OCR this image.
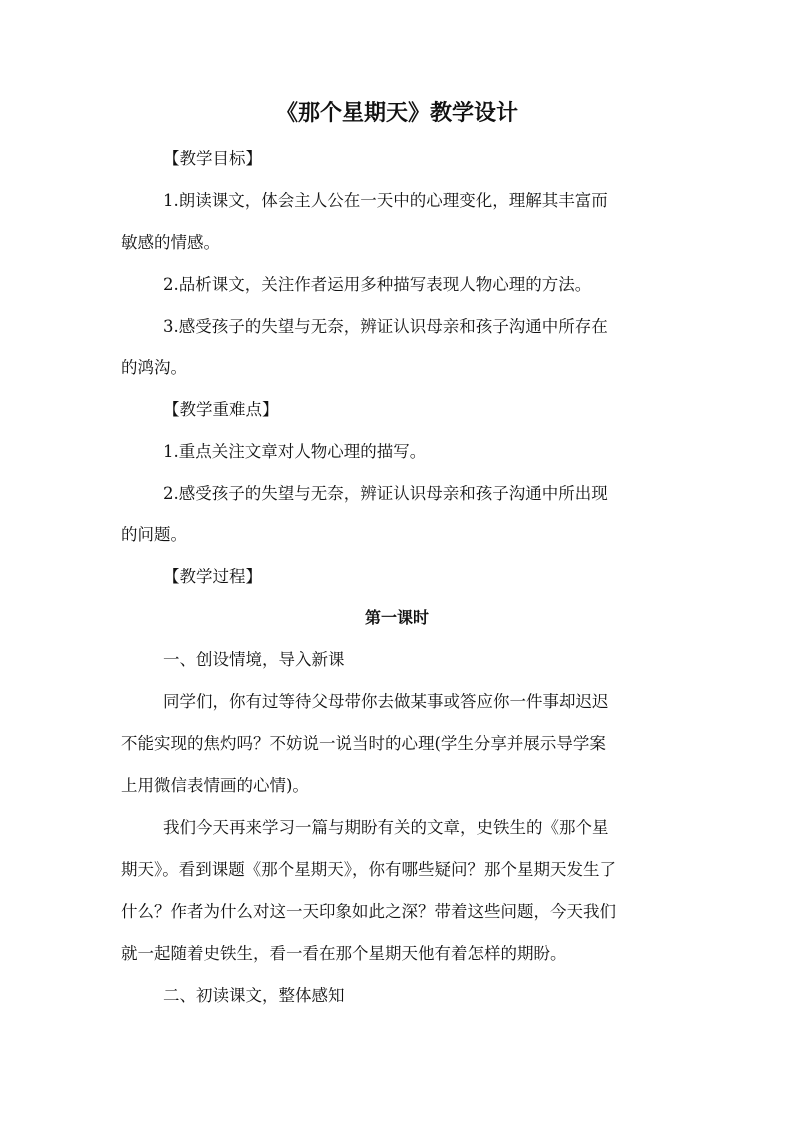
《那个星期天》教学设计
【教学目标】
1.朗读课文，体会主人公在一天中的心理变化，理解其丰富而
敏感的情感。
2.品析课文，关注作者运用多种描写表现人物心理的方法。
3.感受孩子的失望与无奈，辨证认识母亲和孩子沟通中所存在
的鸿沟。
【教学重难点】
1.重点关注文章对人物心理的描写。
2.感受孩子的失望与无奈，辨证认识母亲和孩子沟通中所出现
的问题。
【教学过程】
第一课时
一、创设情境，导入新课
同学们，你有过等待父母带你去做某事或答应你一件事却迟迟
不能实现的焦灼吗？不妨说一说当时的心理(学生分享并展示导学案
上用微信表情画的心情)。
我们今天再来学习一篇与期盼有关的文章，史铁生的《那个星
期天》。看到课题《那个星期天》，你有哪些疑问？那个星期天发生了
什么？作者为什么对这一天印象如此之深？带着这些问题，今天我们
就一起随着史铁生，看一看在那个星期天他有着怎样的期盼。
二、初读课文，整体感知
